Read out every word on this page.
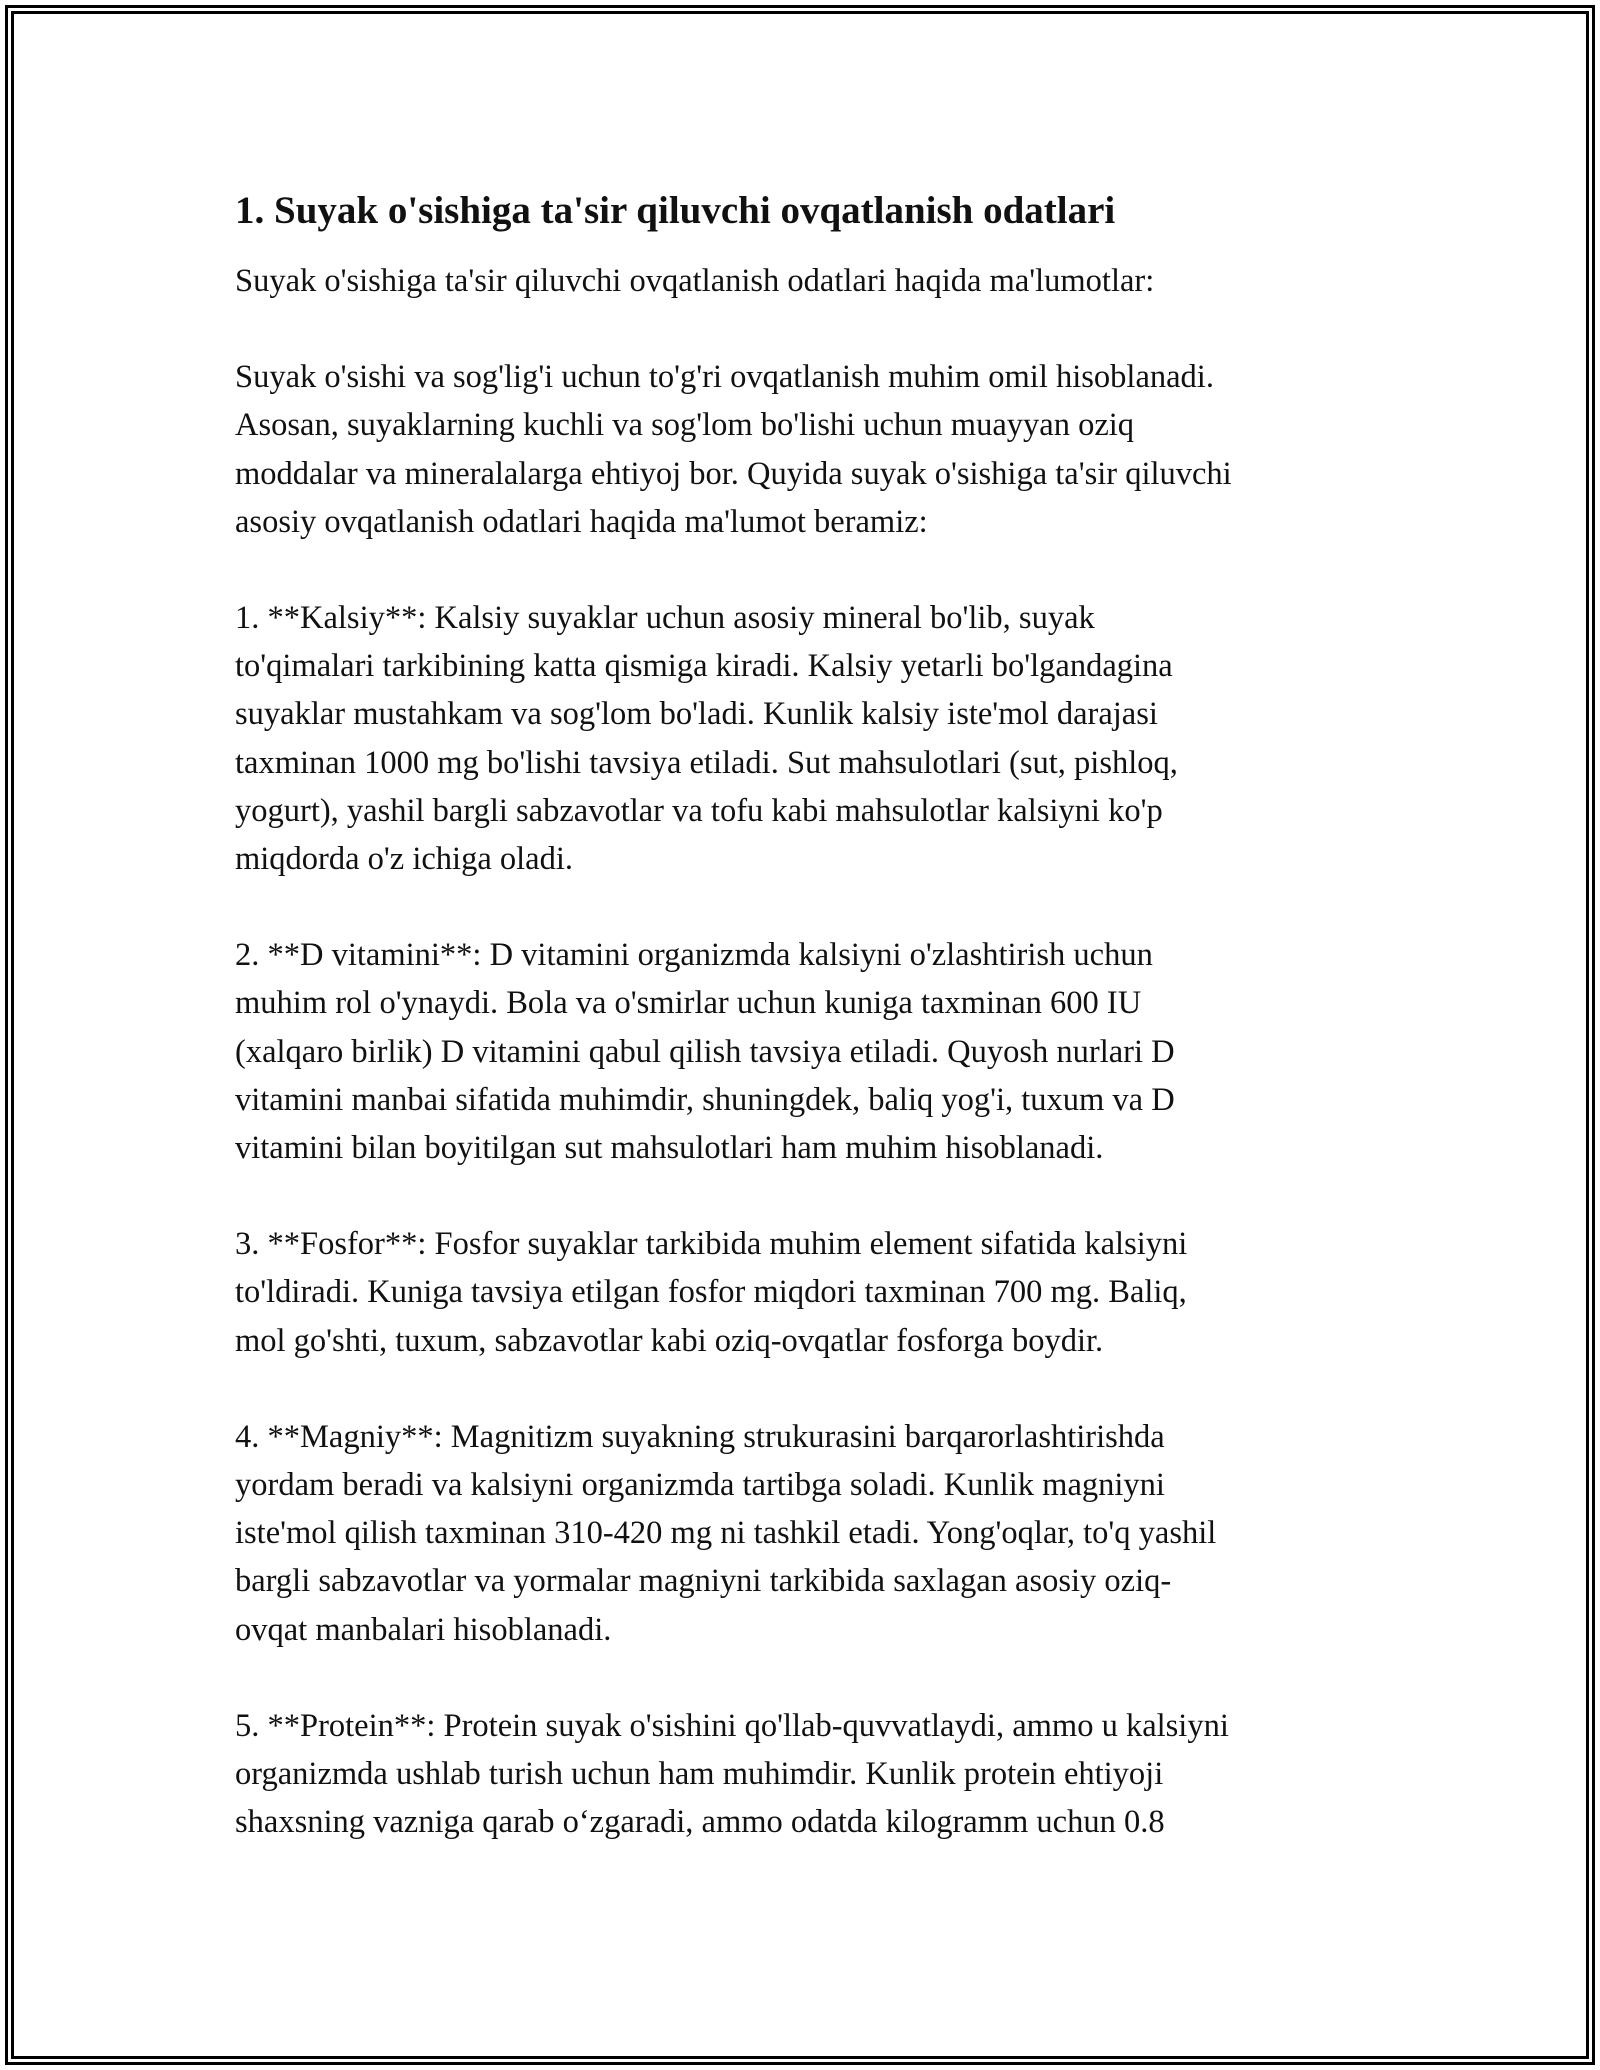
1. Suyak o'sishiga ta'sir qiluvchi ovqatlanish odatlari

Suyak o'sishiga ta'sir qiluvchi ovqatlanish odatlari haqida ma'lumotlar:

Suyak o'sishi va sog'lig'i uchun to'g'ri ovqatlanish muhim omil hisoblanadi.
Asosan, suyaklarning kuchli va sog'lom bo'lishi uchun muayyan oziq
moddalar va mineralalarga ehtiyoj bor. Quyida suyak o'sishiga ta'sir qiluvchi
asosiy ovqatlanish odatlari haqida ma'lumot beramiz:

1. **Kalsiy**: Kalsiy suyaklar uchun asosiy mineral bo'lib, suyak
to'qimalari tarkibining katta qismiga kiradi. Kalsiy yetarli bo'lgandagina
suyaklar mustahkam va sog'lom bo'ladi. Kunlik kalsiy iste'mol darajasi
taxminan 1000 mg bo'lishi tavsiya etiladi. Sut mahsulotlari (sut, pishloq,
yogurt), yashil bargli sabzavotlar va tofu kabi mahsulotlar kalsiyni ko'p
miqdorda o'z ichiga oladi.

2. **D vitamini**: D vitamini organizmda kalsiyni o'zlashtirish uchun
muhim rol o'ynaydi. Bola va o'smirlar uchun kuniga taxminan 600 IU
(xalqaro birlik) D vitamini qabul qilish tavsiya etiladi. Quyosh nurlari D
vitamini manbai sifatida muhimdir, shuningdek, baliq yog'i, tuxum va D
vitamini bilan boyitilgan sut mahsulotlari ham muhim hisoblanadi.

3. **Fosfor**: Fosfor suyaklar tarkibida muhim element sifatida kalsiyni
to'ldiradi. Kuniga tavsiya etilgan fosfor miqdori taxminan 700 mg. Baliq,
mol go'shti, tuxum, sabzavotlar kabi oziq-ovqatlar fosforga boydir.

4. **Magniy**: Magnitizm suyakning strukurasini barqarorlashtirishda
yordam beradi va kalsiyni organizmda tartibga soladi. Kunlik magniyni
iste'mol qilish taxminan 310-420 mg ni tashkil etadi. Yong'oqlar, to'q yashil
bargli sabzavotlar va yormalar magniyni tarkibida saxlagan asosiy oziq-
ovqat manbalari hisoblanadi.

5. **Protein**: Protein suyak o'sishini qo'llab-quvvatlaydi, ammo u kalsiyni
organizmda ushlab turish uchun ham muhimdir. Kunlik protein ehtiyoji
shaxsning vazniga qarab o‘zgaradi, ammo odatda kilogramm uchun 0.8
